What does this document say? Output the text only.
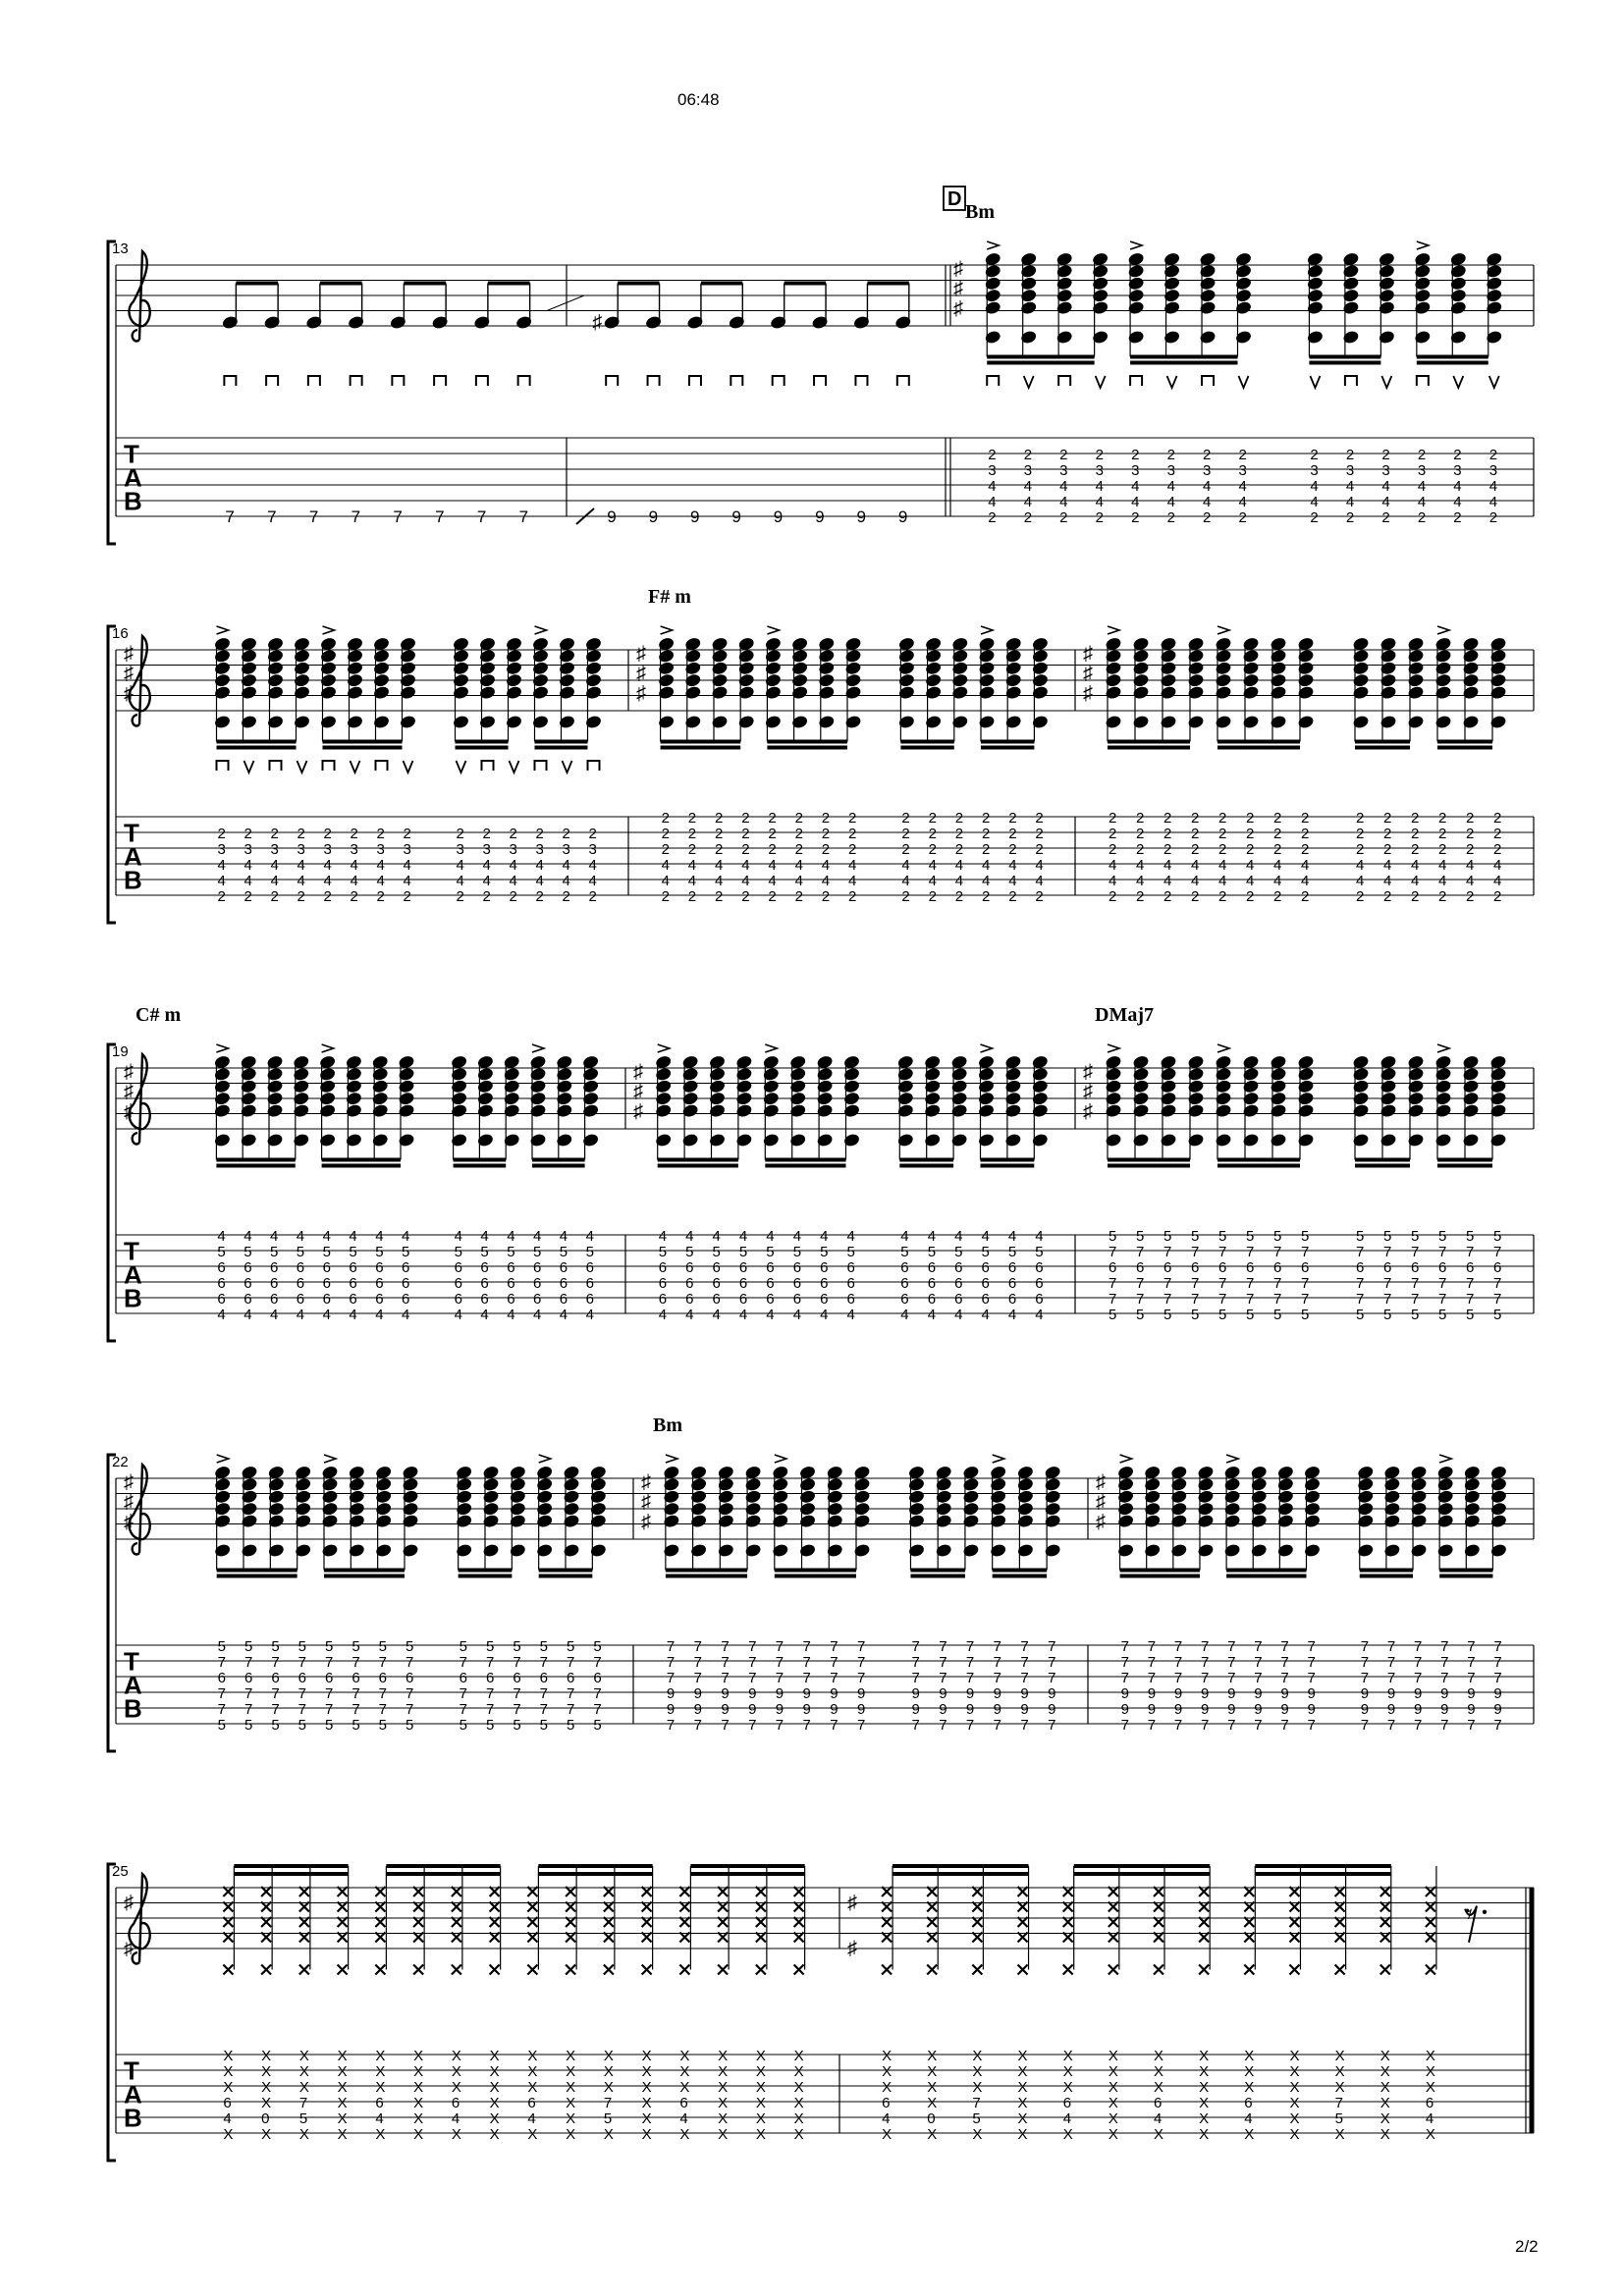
06:48
2/2
T
A
B
13
Bm
7 7 7 7 7 7 7 7
♯
9 9 9 9 9 9 9 9
♯
♯
♯
2
3
4
4
2
2
3
4
4
2
2
3
4
4
2
2
3
4
4
2
2
3
4
4
2
2
3
4
4
2
2
3
4
4
2
2
3
4
4
2
2
3
4
4
2
2
3
4
4
2
2
3
4
4
2
2
3
4
4
2
2
3
4
4
2
2
3
4
4
2
D
T
A
B
16
F# m
♯
♯
♯
2
3
4
4
2
2
3
4
4
2
2
3
4
4
2
2
3
4
4
2
2
3
4
4
2
2
3
4
4
2
2
3
4
4
2
2
3
4
4
2
2
3
4
4
2
2
3
4
4
2
2
3
4
4
2
2
3
4
4
2
2
3
4
4
2
2
3
4
4
2
♯
♯
♯
2
2
2
4
4
2
2
2
2
4
4
2
2
2
2
4
4
2
2
2
2
4
4
2
2
2
2
4
4
2
2
2
2
4
4
2
2
2
2
4
4
2
2
2
2
4
4
2
2
2
2
4
4
2
2
2
2
4
4
2
2
2
2
4
4
2
2
2
2
4
4
2
2
2
2
4
4
2
2
2
2
4
4
2
♯
♯
♯
2
2
2
4
4
2
2
2
2
4
4
2
2
2
2
4
4
2
2
2
2
4
4
2
2
2
2
4
4
2
2
2
2
4
4
2
2
2
2
4
4
2
2
2
2
4
4
2
2
2
2
4
4
2
2
2
2
4
4
2
2
2
2
4
4
2
2
2
2
4
4
2
2
2
2
4
4
2
2
2
2
4
4
2
T
A
B
19
C# m	DMaj7
♯
♯
♯
4
5
6
6
6
4
4
5
6
6
6
4
4
5
6
6
6
4
4
5
6
6
6
4
4
5
6
6
6
4
4
5
6
6
6
4
4
5
6
6
6
4
4
5
6
6
6
4
4
5
6
6
6
4
4
5
6
6
6
4
4
5
6
6
6
4
4
5
6
6
6
4
4
5
6
6
6
4
4
5
6
6
6
4
♯
♯
♯
4
5
6
6
6
4
4
5
6
6
6
4
4
5
6
6
6
4
4
5
6
6
6
4
4
5
6
6
6
4
4
5
6
6
6
4
4
5
6
6
6
4
4
5
6
6
6
4
4
5
6
6
6
4
4
5
6
6
6
4
4
5
6
6
6
4
4
5
6
6
6
4
4
5
6
6
6
4
4
5
6
6
6
4
♯
♯
♯
5
7
6
7
7
5
5
7
6
7
7
5
5
7
6
7
7
5
5
7
6
7
7
5
5
7
6
7
7
5
5
7
6
7
7
5
5
7
6
7
7
5
5
7
6
7
7
5
5
7
6
7
7
5
5
7
6
7
7
5
5
7
6
7
7
5
5
7
6
7
7
5
5
7
6
7
7
5
5
7
6
7
7
5
T
A
B
22
Bm
♯
♯
♯
5
7
6
7
7
5
5
7
6
7
7
5
5
7
6
7
7
5
5
7
6
7
7
5
5
7
6
7
7
5
5
7
6
7
7
5
5
7
6
7
7
5
5
7
6
7
7
5
5
7
6
7
7
5
5
7
6
7
7
5
5
7
6
7
7
5
5
7
6
7
7
5
5
7
6
7
7
5
5
7
6
7
7
5
♯
♯
♯
7
7
7
9
9
7
7
7
7
9
9
7
7
7
7
9
9
7
7
7
7
9
9
7
7
7
7
9
9
7
7
7
7
9
9
7
7
7
7
9
9
7
7
7
7
9
9
7
7
7
7
9
9
7
7
7
7
9
9
7
7
7
7
9
9
7
7
7
7
9
9
7
7
7
7
9
9
7
7
7
7
9
9
7
♯
♯
♯
7
7
7
9
9
7
7
7
7
9
9
7
7
7
7
9
9
7
7
7
7
9
9
7
7
7
7
9
9
7
7
7
7
9
9
7
7
7
7
9
9
7
7
7
7
9
9
7
7
7
7
9
9
7
7
7
7
9
9
7
7
7
7
9
9
7
7
7
7
9
9
7
7
7
7
9
9
7
7
7
7
9
9
7
T
A
B
25
♯
♯
X
X
X
6
4
X
X
X
X
X
0
X
X
X
X
7
5
X
X
X
X
X
X
X
X
X
X
6
4
X
X
X
X
X
X
X
X
X
X
6
4
X
X
X
X
X
X
X
X
X
X
6
4
X
X
X
X
X
X
X
X
X
X
7
5
X
X
X
X
X
X
X
X
X
X
6
4
X
X
X
X
X
X
X
X
X
X
X
X
X
X
X
X
X
X
X
♯
♯
X
X
X
6
4
X
X
X
X
X
0
X
X
X
X
7
5
X
X
X
X
X
X
X
X
X
X
6
4
X
X
X
X
X
X
X
X
X
X
6
4
X
X
X
X
X
X
X
X
X
X
6
4
X
X
X
X
X
X
X
X
X
X
7
5
X
X
X
X
X
X
X
X
X
X
6
4
X
𝄾
